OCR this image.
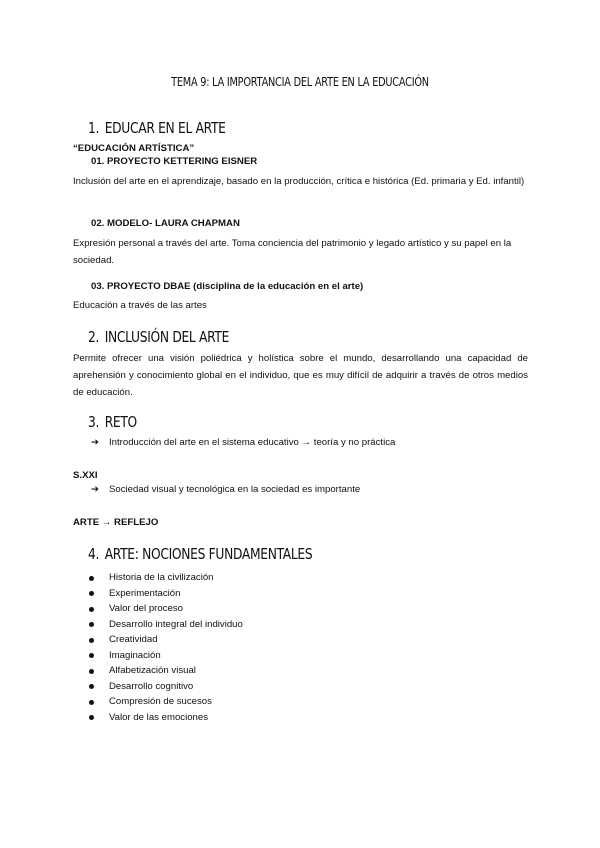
TEMA 9: LA IMPORTANCIA DEL ARTE EN LA EDUCACIÓN
1. EDUCAR EN EL ARTE
“EDUCACIÓN ARTÍSTICA”
01. PROYECTO KETTERING EISNER
Inclusión del arte en el aprendizaje, basado en la producción, crítica e histórica (Ed. primaria y Ed. infantil)
02. MODELO- LAURA CHAPMAN
Expresión personal a través del arte. Toma conciencia del patrimonio y legado artístico y su papel en la sociedad.
03. PROYECTO DBAE (disciplina de la educación en el arte)
Educación a través de las artes
2. INCLUSIÓN DEL ARTE
Permite ofrecer una visión poliédrica y holística sobre el mundo, desarrollando una capacidad de aprehensión y conocimiento global en el individuo, que es muy difícil de adquirir a través de otros medios de educación.
3. RETO
➔ Introducción del arte en el sistema educativo → teoría y no práctica
S.XXI
➔ Sociedad visual y tecnológica en la sociedad es importante
ARTE → REFLEJO
4. ARTE: NOCIONES FUNDAMENTALES
Historia de la civilización
Experimentación
Valor del proceso
Desarrollo integral del individuo
Creatividad
Imaginación
Alfabetización visual
Desarrollo cognitivo
Compresión de sucesos
Valor de las emociones
